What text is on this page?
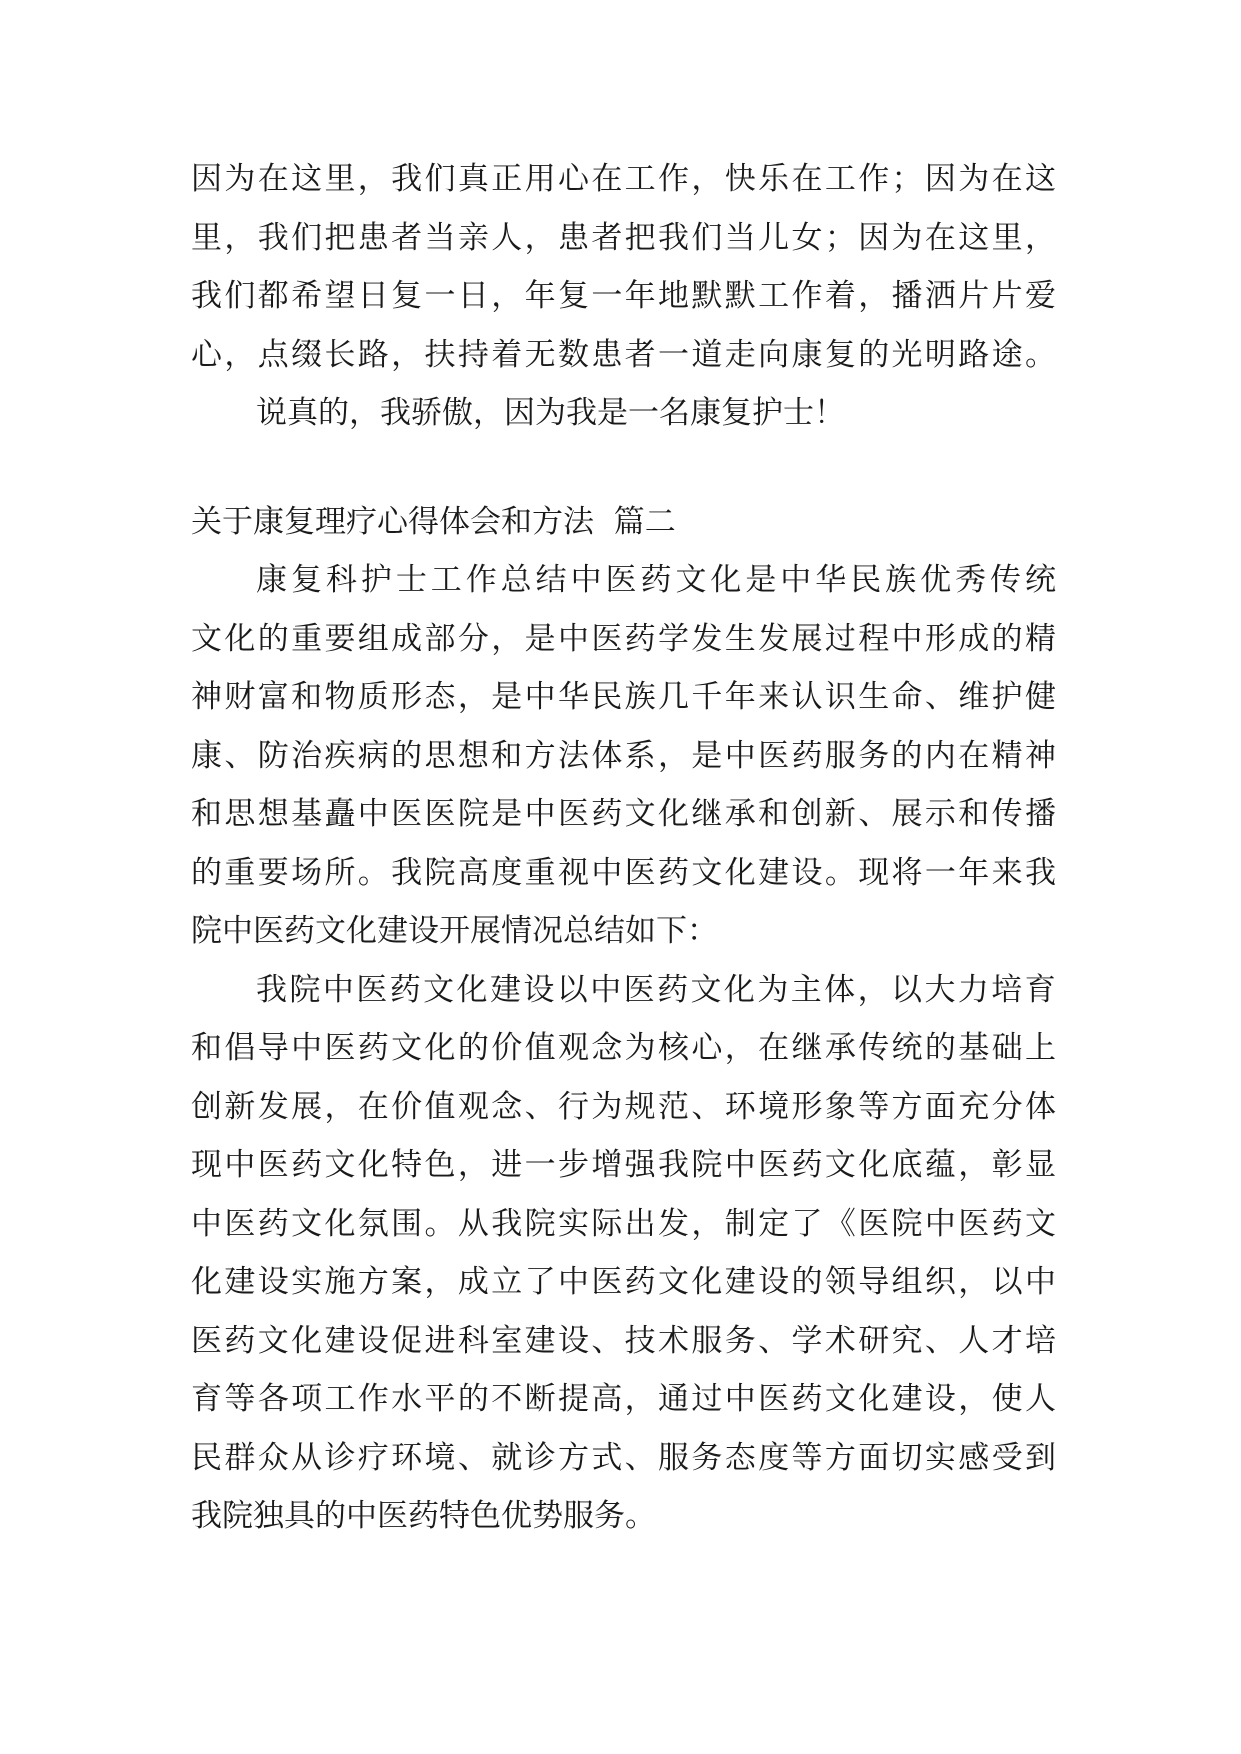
因 为 在 这 里 ， 我 们 真 正 用 心 在 工 作 ， 快 乐 在 工 作 ； 因 为 在 这
里 ， 我 们 把 患 者 当 亲 人 ， 患 者 把 我 们 当 儿 女 ； 因 为 在 这 里 ，
我 们 都 希 望 日 复 一 日 ， 年 复 一 年 地 默 默 工 作 着 ， 播 洒 片 片 爱
心 ， 点 缀 长 路 ， 扶 持 着 无 数 患 者 一 道 走 向 康 复 的 光 明 路 途 。
说真的，我骄傲，因为我是一名康复护士！
关于康复理疗心得体会和方法  篇二
康 复 科 护 士 工 作 总 结 中 医 药 文 化 是 中 华 民 族 优 秀 传 统
文 化 的 重 要 组 成 部 分 ， 是 中 医 药 学 发 生 发 展 过 程 中 形 成 的 精
神 财 富 和 物 质 形 态 ， 是 中 华 民 族 几 千 年 来 认 识 生 命 、 维 护 健
康 、 防 治 疾 病 的 思 想 和 方 法 体 系 ， 是 中 医 药 服 务 的 内 在 精 神
和 思 想 基 矗 中 医 医 院 是 中 医 药 文 化 继 承 和 创 新 、 展 示 和 传 播
的 重 要 场 所 。 我 院 高 度 重 视 中 医 药 文 化 建 设 。 现 将 一 年 来 我
院中医药文化建设开展情况总结如下：
我 院 中 医 药 文 化 建 设 以 中 医 药 文 化 为 主 体 ， 以 大 力 培 育
和 倡 导 中 医 药 文 化 的 价 值 观 念 为 核 心 ， 在 继 承 传 统 的 基 础 上
创 新 发 展 ， 在 价 值 观 念 、 行 为 规 范 、 环 境 形 象 等 方 面 充 分 体
现 中 医 药 文 化 特 色 ， 进 一 步 增 强 我 院 中 医 药 文 化 底 蕴 ， 彰 显
中 医 药 文 化 氛 围 。 从 我 院 实 际 出 发 ， 制 定 了 《 医 院 中 医 药 文
化 建 设 实 施 方 案 ， 成 立 了 中 医 药 文 化 建 设 的 领 导 组 织 ， 以 中
医 药 文 化 建 设 促 进 科 室 建 设 、 技 术 服 务 、 学 术 研 究 、 人 才 培
育 等 各 项 工 作 水 平 的 不 断 提 高 ， 通 过 中 医 药 文 化 建 设 ， 使 人
民 群 众 从 诊 疗 环 境 、 就 诊 方 式 、 服 务 态 度 等 方 面 切 实 感 受 到
我院独具的中医药特色优势服务。
